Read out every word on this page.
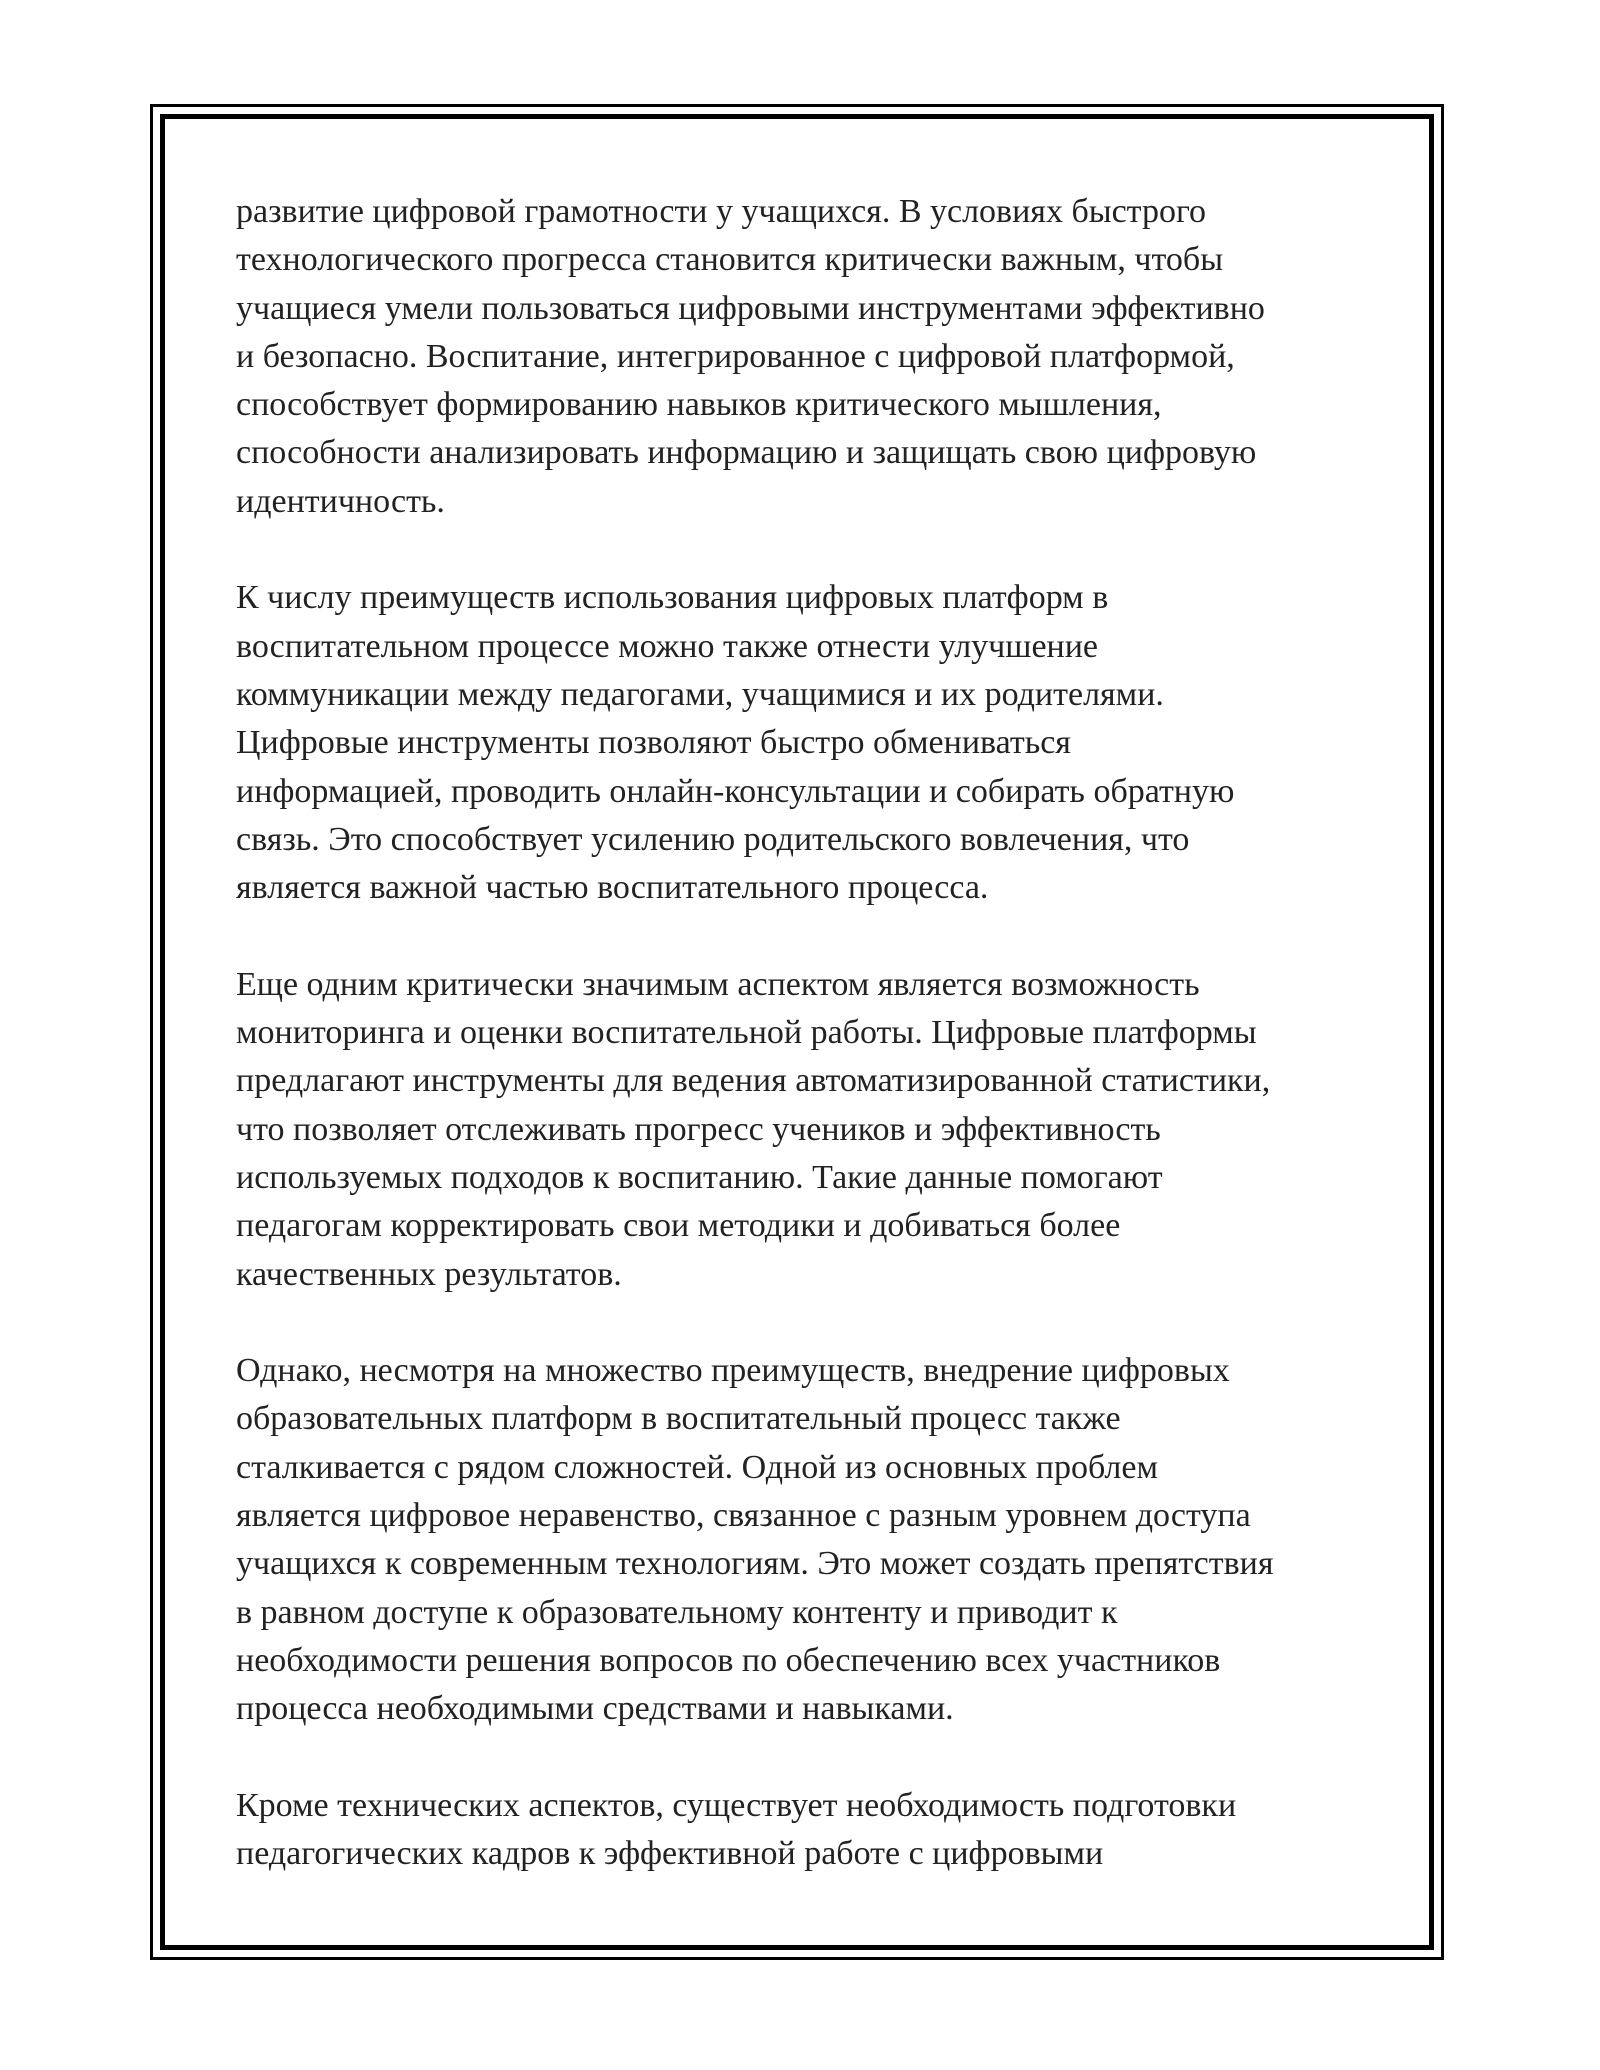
развитие цифровой грамотности у учащихся. В условиях быстрого
технологического прогресса становится критически важным, чтобы
учащиеся умели пользоваться цифровыми инструментами эффективно
и безопасно. Воспитание, интегрированное с цифровой платформой,
способствует формированию навыков критического мышления,
способности анализировать информацию и защищать свою цифровую
идентичность.

К числу преимуществ использования цифровых платформ в
воспитательном процессе можно также отнести улучшение
коммуникации между педагогами, учащимися и их родителями.
Цифровые инструменты позволяют быстро обмениваться
информацией, проводить онлайн-консультации и собирать обратную
связь. Это способствует усилению родительского вовлечения, что
является важной частью воспитательного процесса.

Еще одним критически значимым аспектом является возможность
мониторинга и оценки воспитательной работы. Цифровые платформы
предлагают инструменты для ведения автоматизированной статистики,
что позволяет отслеживать прогресс учеников и эффективность
используемых подходов к воспитанию. Такие данные помогают
педагогам корректировать свои методики и добиваться более
качественных результатов.

Однако, несмотря на множество преимуществ, внедрение цифровых
образовательных платформ в воспитательный процесс также
сталкивается с рядом сложностей. Одной из основных проблем
является цифровое неравенство, связанное с разным уровнем доступа
учащихся к современным технологиям. Это может создать препятствия
в равном доступе к образовательному контенту и приводит к
необходимости решения вопросов по обеспечению всех участников
процесса необходимыми средствами и навыками.

Кроме технических аспектов, существует необходимость подготовки
педагогических кадров к эффективной работе с цифровыми
